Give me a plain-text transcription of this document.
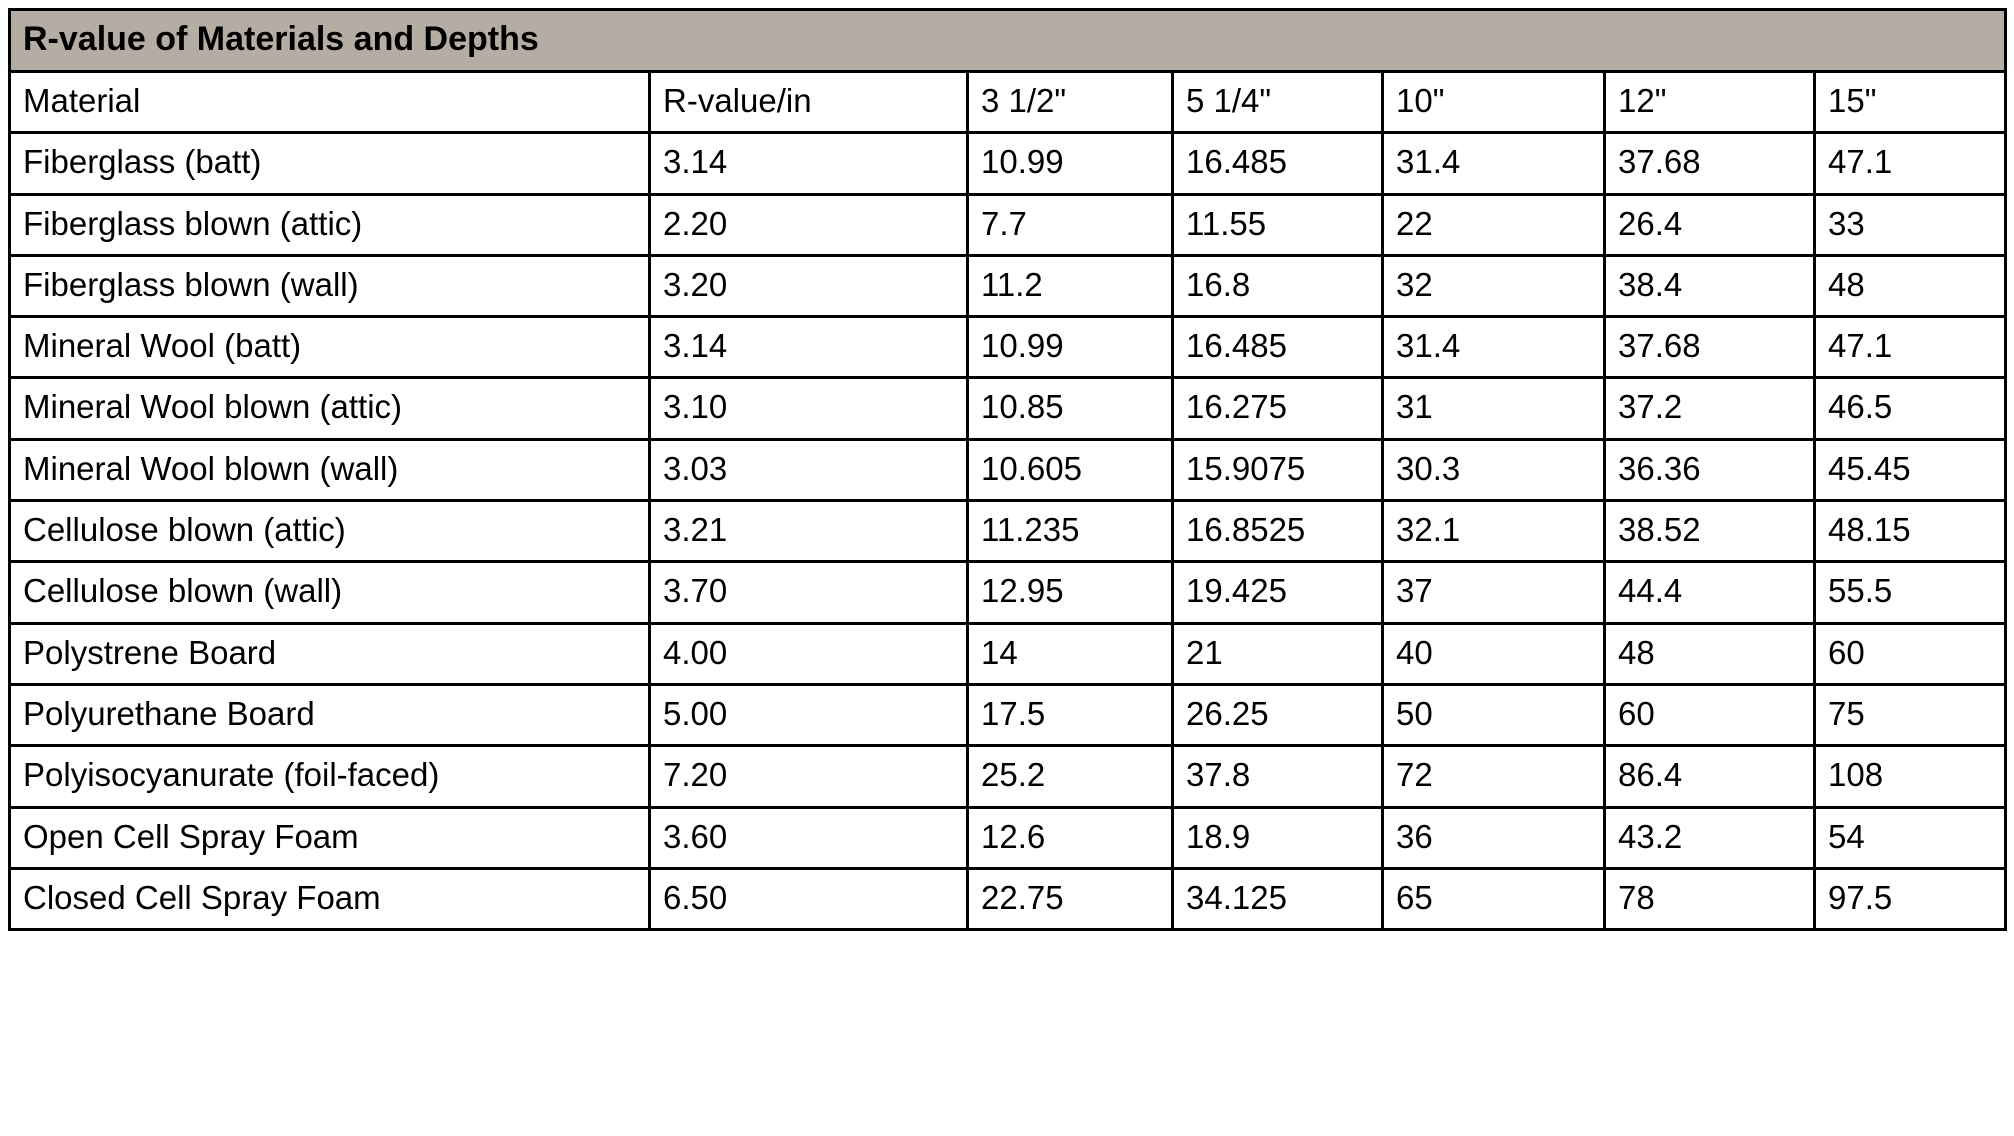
R-value of Materials and Depths						
Material	R-value/in	3 1/2"	5 1/4"	10"	12"	15"
Fiberglass (batt)	3.14	10.99	16.485	31.4	37.68	47.1
Fiberglass blown (attic)	2.20	7.7	11.55	22	26.4	33
Fiberglass blown (wall)	3.20	11.2	16.8	32	38.4	48
Mineral Wool (batt)	3.14	10.99	16.485	31.4	37.68	47.1
Mineral Wool blown (attic)	3.10	10.85	16.275	31	37.2	46.5
Mineral Wool blown (wall)	3.03	10.605	15.9075	30.3	36.36	45.45
Cellulose blown (attic)	3.21	11.235	16.8525	32.1	38.52	48.15
Cellulose blown (wall)	3.70	12.95	19.425	37	44.4	55.5
Polystrene Board	4.00	14	21	40	48	60
Polyurethane Board	5.00	17.5	26.25	50	60	75
Polyisocyanurate (foil-faced)	7.20	25.2	37.8	72	86.4	108
Open Cell Spray Foam	3.60	12.6	18.9	36	43.2	54
Closed Cell Spray Foam	6.50	22.75	34.125	65	78	97.5
